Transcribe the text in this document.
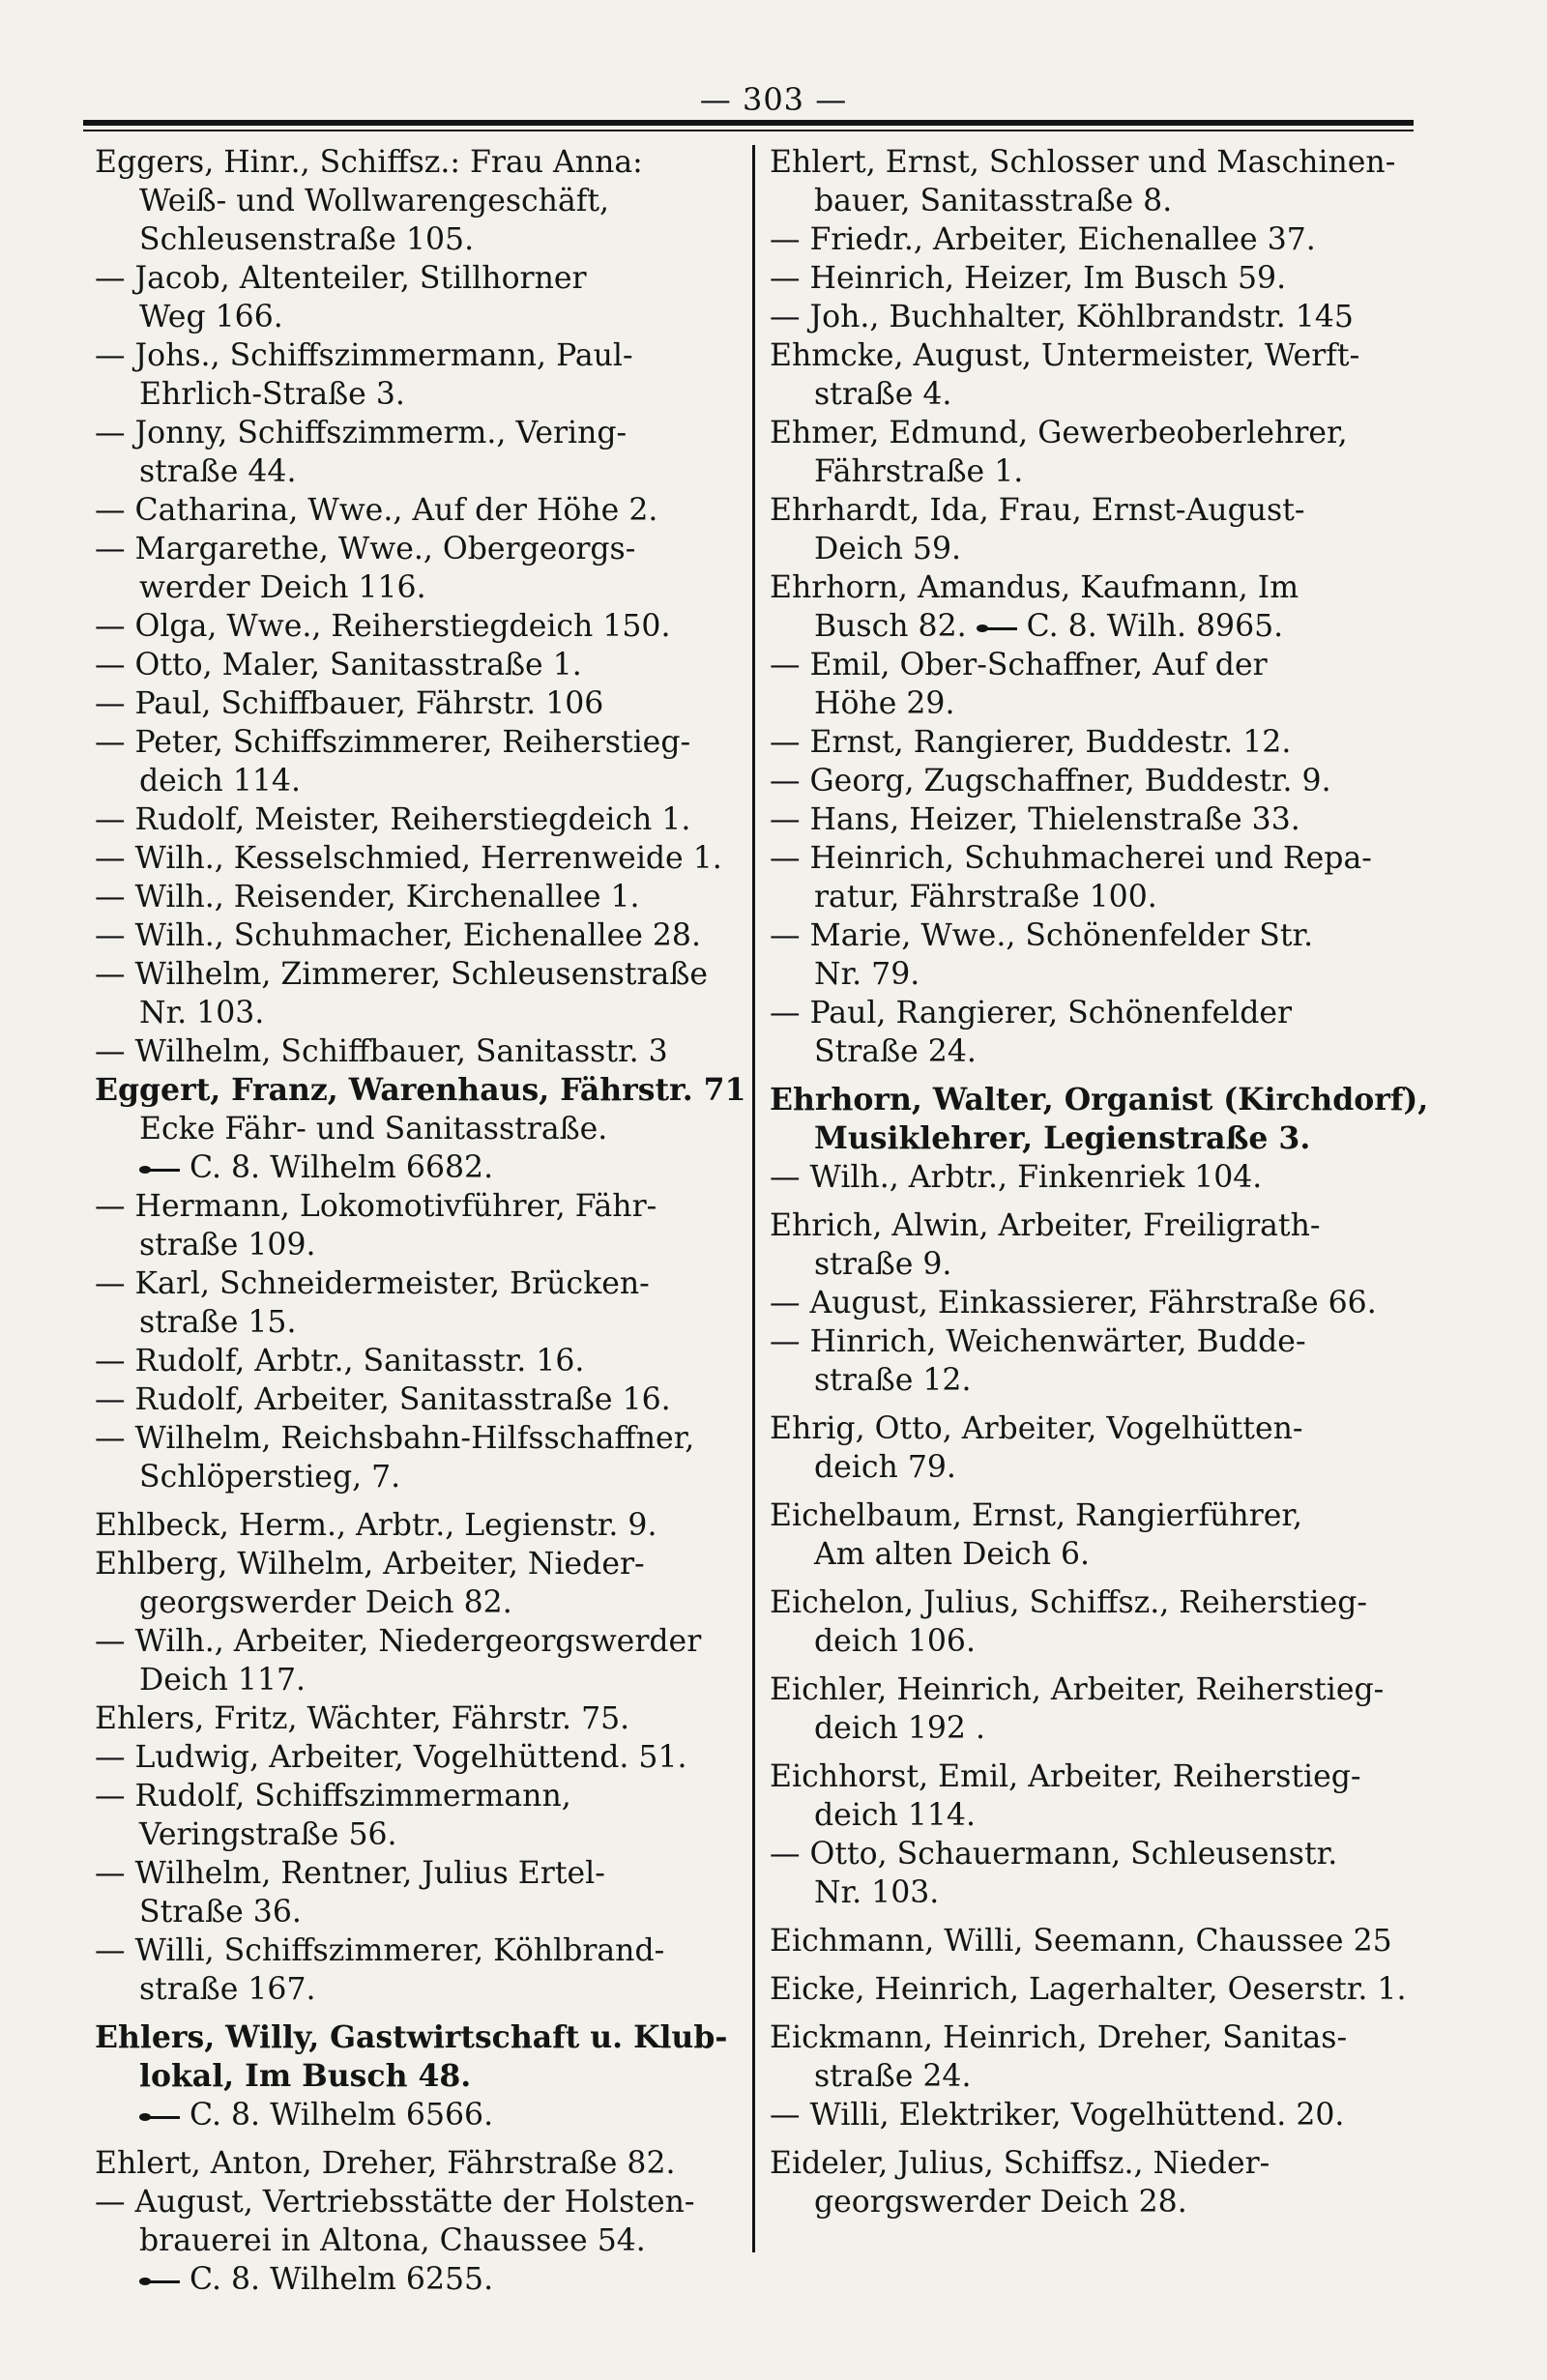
— 303 —
Eggers, Hinr., Schiffsz.: Frau Anna:
Weiß- und Wollwarengeschäft,
Schleusenstraße 105.
— Jacob, Altenteiler, Stillhorner
Weg 166.
— Johs., Schiffszimmermann, Paul-
Ehrlich-Straße 3.
— Jonny, Schiffszimmerm., Vering-
straße 44.
— Catharina, Wwe., Auf der Höhe 2.
— Margarethe, Wwe., Obergeorgs-
werder Deich 116.
— Olga, Wwe., Reiherstiegdeich 150.
— Otto, Maler, Sanitasstraße 1.
— Paul, Schiffbauer, Fährstr. 106
— Peter, Schiffszimmerer, Reiherstieg-
deich 114.
— Rudolf, Meister, Reiherstiegdeich 1.
— Wilh., Kesselschmied, Herrenweide 1.
— Wilh., Reisender, Kirchenallee 1.
— Wilh., Schuhmacher, Eichenallee 28.
— Wilhelm, Zimmerer, Schleusenstraße
Nr. 103.
— Wilhelm, Schiffbauer, Sanitasstr. 3
Eggert, Franz, Warenhaus, Fährstr. 71
Ecke Fähr- und Sanitasstraße.
C. 8. Wilhelm 6682.
— Hermann, Lokomotivführer, Fähr-
straße 109.
— Karl, Schneidermeister, Brücken-
straße 15.
— Rudolf, Arbtr., Sanitasstr. 16.
— Rudolf, Arbeiter, Sanitasstraße 16.
— Wilhelm, Reichsbahn-Hilfsschaffner,
Schlöperstieg, 7.
Ehlbeck, Herm., Arbtr., Legienstr. 9.
Ehlberg, Wilhelm, Arbeiter, Nieder-
georgswerder Deich 82.
— Wilh., Arbeiter, Niedergeorgswerder
Deich 117.
Ehlers, Fritz, Wächter, Fährstr. 75.
— Ludwig, Arbeiter, Vogelhüttend. 51.
— Rudolf, Schiffszimmermann,
Veringstraße 56.
— Wilhelm, Rentner, Julius Ertel-
Straße 36.
— Willi, Schiffszimmerer, Köhlbrand-
straße 167.
Ehlers, Willy, Gastwirtschaft u. Klub-
lokal, Im Busch 48.
C. 8. Wilhelm 6566.
Ehlert, Anton, Dreher, Fährstraße 82.
— August, Vertriebsstätte der Holsten-
brauerei in Altona, Chaussee 54.
C. 8. Wilhelm 6255.
Ehlert, Ernst, Schlosser und Maschinen-
bauer, Sanitasstraße 8.
— Friedr., Arbeiter, Eichenallee 37.
— Heinrich, Heizer, Im Busch 59.
— Joh., Buchhalter, Köhlbrandstr. 145
Ehmcke, August, Untermeister, Werft-
straße 4.
Ehmer, Edmund, Gewerbeoberlehrer,
Fährstraße 1.
Ehrhardt, Ida, Frau, Ernst-August-
Deich 59.
Ehrhorn, Amandus, Kaufmann, Im
Busch 82. C. 8. Wilh. 8965.
— Emil, Ober-Schaffner, Auf der
Höhe 29.
— Ernst, Rangierer, Buddestr. 12.
— Georg, Zugschaffner, Buddestr. 9.
— Hans, Heizer, Thielenstraße 33.
— Heinrich, Schuhmacherei und Repa-
ratur, Fährstraße 100.
— Marie, Wwe., Schönenfelder Str.
Nr. 79.
— Paul, Rangierer, Schönenfelder
Straße 24.
Ehrhorn, Walter, Organist (Kirchdorf),
Musiklehrer, Legienstraße 3.
— Wilh., Arbtr., Finkenriek 104.
Ehrich, Alwin, Arbeiter, Freiligrath-
straße 9.
— August, Einkassierer, Fährstraße 66.
— Hinrich, Weichenwärter, Budde-
straße 12.
Ehrig, Otto, Arbeiter, Vogelhütten-
deich 79.
Eichelbaum, Ernst, Rangierführer,
Am alten Deich 6.
Eichelon, Julius, Schiffsz., Reiherstieg-
deich 106.
Eichler, Heinrich, Arbeiter, Reiherstieg-
deich 192 .
Eichhorst, Emil, Arbeiter, Reiherstieg-
deich 114.
— Otto, Schauermann, Schleusenstr.
Nr. 103.
Eichmann, Willi, Seemann, Chaussee 25
Eicke, Heinrich, Lagerhalter, Oeserstr. 1.
Eickmann, Heinrich, Dreher, Sanitas-
straße 24.
— Willi, Elektriker, Vogelhüttend. 20.
Eideler, Julius, Schiffsz., Nieder-
georgswerder Deich 28.
